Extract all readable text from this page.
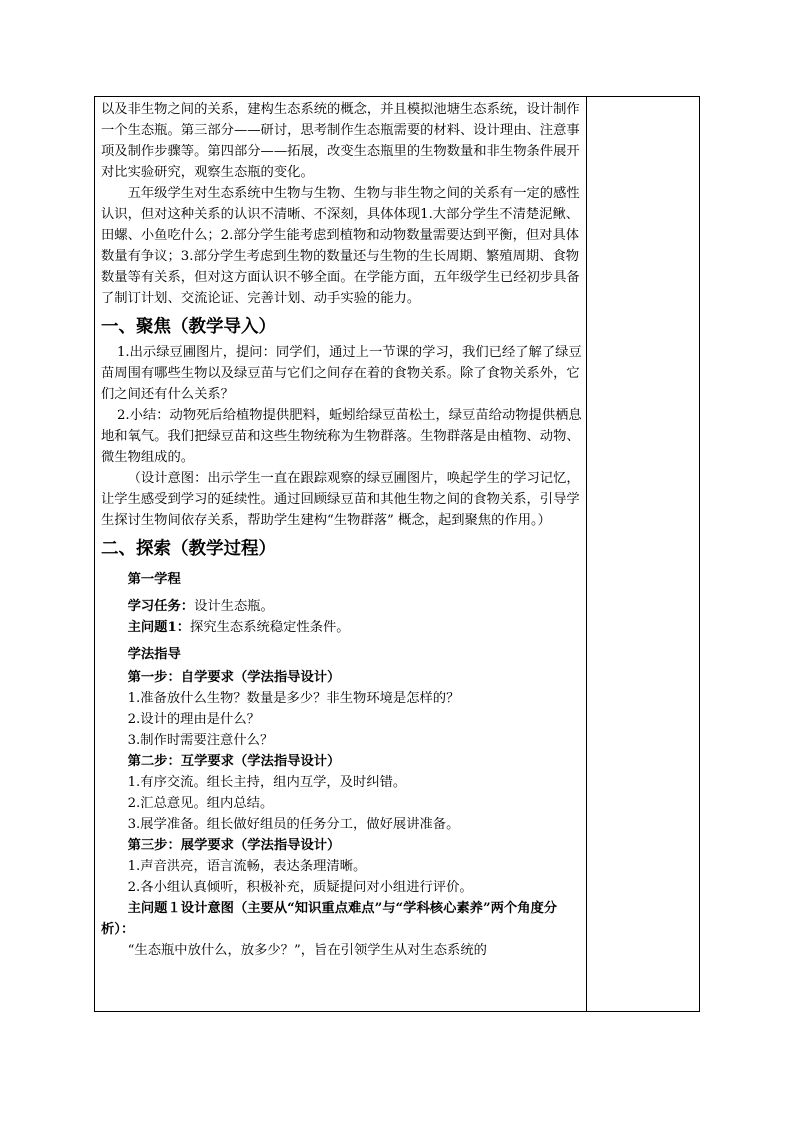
以及非生物之间的关系，建构生态系统的概念，并且模拟池塘生态系统，设计制作一个生态瓶。第三部分——研讨，思考制作生态瓶需要的材料、设计理由、注意事项及制作步骤等。第四部分——拓展，改变生态瓶里的生物数量和非生物条件展开对比实验研究，观察生态瓶的变化。

五年级学生对生态系统中生物与生物、生物与非生物之间的关系有一定的感性认识，但对这种关系的认识不清晰、不深刻，具体体现1.大部分学生不清楚泥鳅、田螺、小鱼吃什么；2.部分学生能考虑到植物和动物数量需要达到平衡，但对具体数量有争议；3.部分学生考虑到生物的数量还与生物的生长周期、繁殖周期、食物数量等有关系，但对这方面认识不够全面。在学能方面，五年级学生已经初步具备了制订计划、交流论证、完善计划、动手实验的能力。

一、聚焦（教学导入）

1.出示绿豆圃图片，提问：同学们，通过上一节课的学习，我们已经了解了绿豆苗周围有哪些生物以及绿豆苗与它们之间存在着的食物关系。除了食物关系外，它们之间还有什么关系？

2.小结：动物死后给植物提供肥料，蚯蚓给绿豆苗松土，绿豆苗给动物提供栖息地和氧气。我们把绿豆苗和这些生物统称为生物群落。生物群落是由植物、动物、微生物组成的。

（设计意图：出示学生一直在跟踪观察的绿豆圃图片，唤起学生的学习记忆，让学生感受到学习的延续性。通过回顾绿豆苗和其他生物之间的食物关系，引导学生探讨生物间依存关系，帮助学生建构“生物群落” 概念，起到聚焦的作用。）

二、探索（教学过程）

第一学程

学习任务：设计生态瓶。

主问题1：探究生态系统稳定性条件。

学法指导

第一步：自学要求（学法指导设计）

1.准备放什么生物？数量是多少？非生物环境是怎样的？

2.设计的理由是什么？

3.制作时需要注意什么？

第二步：互学要求（学法指导设计）

1.有序交流。组长主持，组内互学，及时纠错。

2.汇总意见。组内总结。

3.展学准备。组长做好组员的任务分工，做好展讲准备。

第三步：展学要求（学法指导设计）

1.声音洪亮，语言流畅，表达条理清晰。

2.各小组认真倾听，积极补充，质疑提问对小组进行评价。

主问题１设计意图（主要从“知识重点难点”与“学科核心素养”两个角度分析）：

“生态瓶中放什么，放多少？”，旨在引领学生从对生态系统的
